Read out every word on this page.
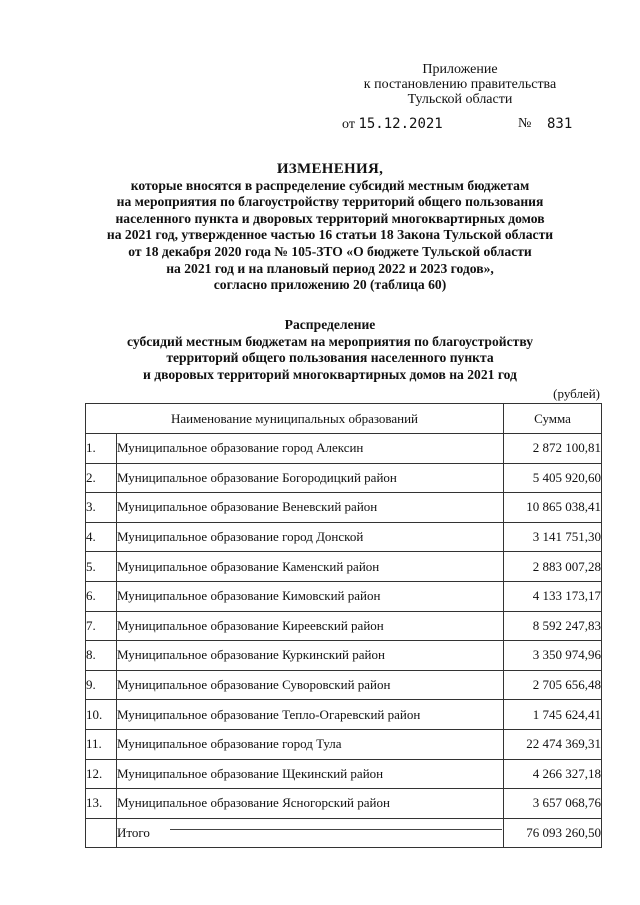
Приложение
к постановлению правительства
Тульской области
от 15.12.2021	№ 831
ИЗМЕНЕНИЯ,
которые вносятся в распределение субсидий местным бюджетам
на мероприятия по благоустройству территорий общего пользования
населенного пункта и дворовых территорий многоквартирных домов
на 2021 год, утвержденное частью 16 статьи 18 Закона Тульской области
от 18 декабря 2020 года № 105-ЗТО «О бюджете Тульской области
на 2021 год и на плановый период 2022 и 2023 годов»,
согласно приложению 20 (таблица 60)
Распределение
субсидий местным бюджетам на мероприятия по благоустройству
территорий общего пользования населенного пункта
и дворовых территорий многоквартирных домов на 2021 год
(рублей)
Наименование муниципальных образований		Сумма
1.	Муниципальное образование город Алексин	2 872 100,81
2.	Муниципальное образование Богородицкий район	5 405 920,60
3.	Муниципальное образование Веневский район	10 865 038,41
4.	Муниципальное образование город Донской	3 141 751,30
5.	Муниципальное образование Каменский район	2 883 007,28
6.	Муниципальное образование Кимовский район	4 133 173,17
7.	Муниципальное образование Киреевский район	8 592 247,83
8.	Муниципальное образование Куркинский район	3 350 974,96
9.	Муниципальное образование Суворовский район	2 705 656,48
10.	Муниципальное образование Тепло-Огаревский район	1 745 624,41
11.	Муниципальное образование город Тула	22 474 369,31
12.	Муниципальное образование Щекинский район	4 266 327,18
13.	Муниципальное образование Ясногорский район	3 657 068,76
	Итого	76 093 260,50
